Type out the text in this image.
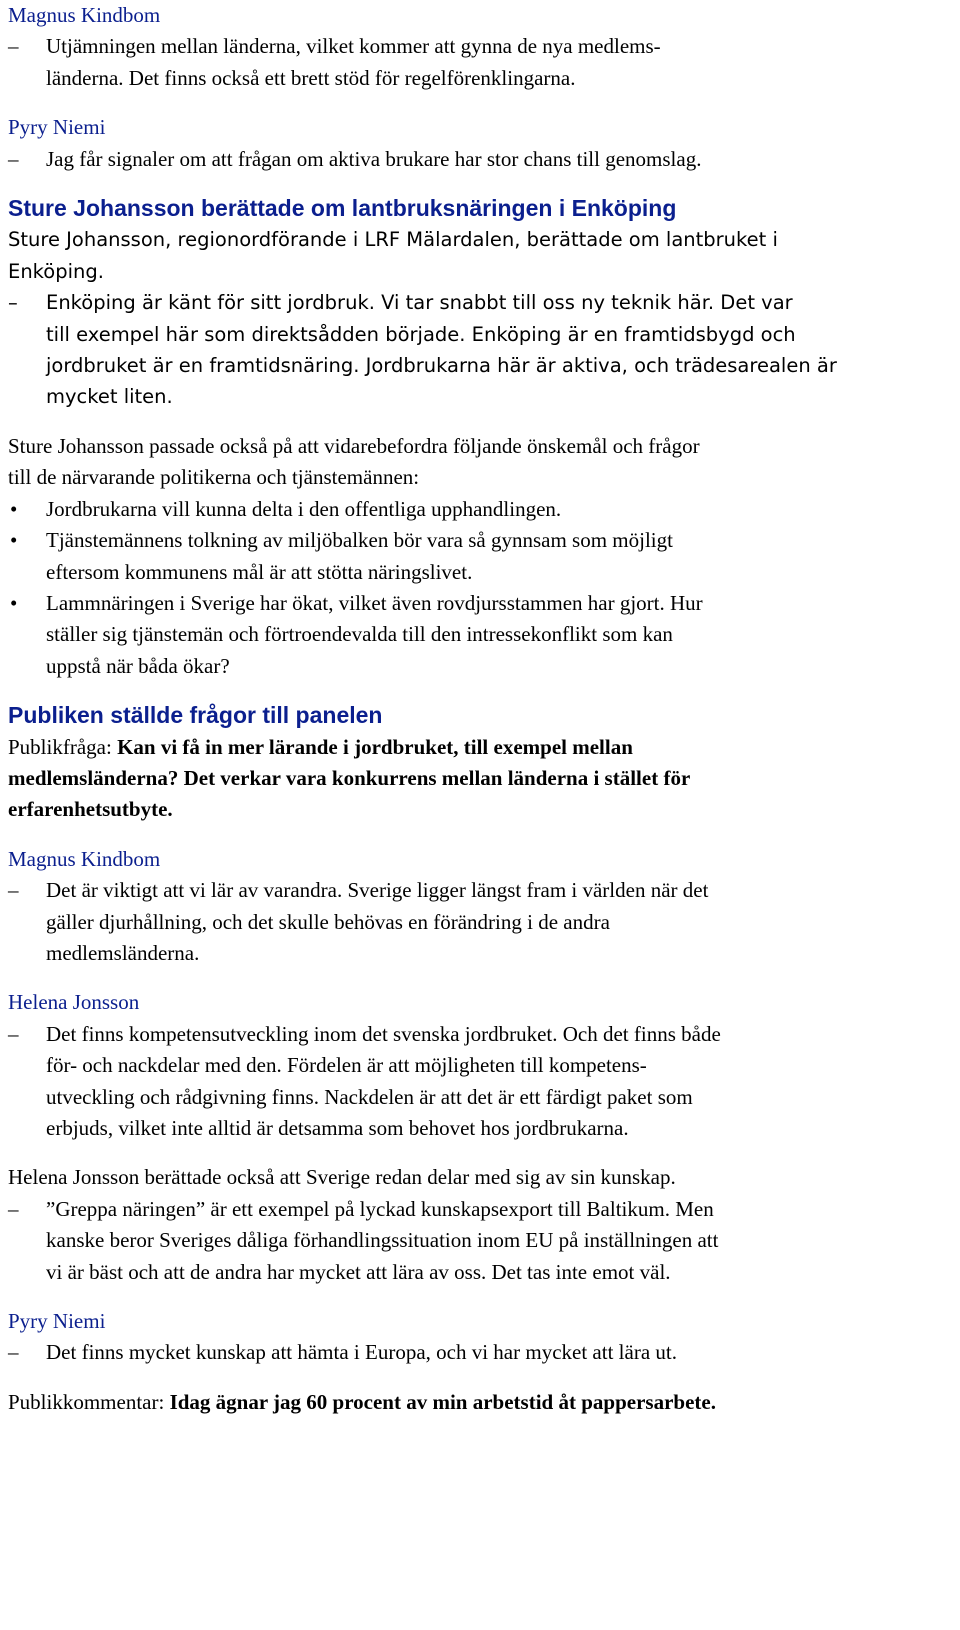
Magnus Kindbom
–	Utjämningen mellan länderna, vilket kommer att gynna de nya medlems-
länderna. Det finns också ett brett stöd för regelförenklingarna.
Pyry Niemi
–	Jag får signaler om att frågan om aktiva brukare har stor chans till genomslag.
Sture Johansson berättade om lantbruksnäringen i Enköping
Sture Johansson, regionordförande i LRF Mälardalen, berättade om lantbruket i
Enköping.
–	Enköping är känt för sitt jordbruk. Vi tar snabbt till oss ny teknik här. Det var
till exempel här som direktsådden började. Enköping är en framtidsbygd och
jordbruket är en framtidsnäring. Jordbrukarna här är aktiva, och trädesarealen är
mycket liten.
Sture Johansson passade också på att vidarebefordra följande önskemål och frågor
till de närvarande politikerna och tjänstemännen:
• Jordbrukarna vill kunna delta i den offentliga upphandlingen.
• Tjänstemännens tolkning av miljöbalken bör vara så gynnsam som möjligt
eftersom kommunens mål är att stötta näringslivet.
• Lammnäringen i Sverige har ökat, vilket även rovdjursstammen har gjort. Hur
ställer sig tjänstemän och förtroendevalda till den intressekonflikt som kan
uppstå när båda ökar?
Publiken ställde frågor till panelen
Publikfråga: Kan vi få in mer lärande i jordbruket, till exempel mellan
medlemsländerna? Det verkar vara konkurrens mellan länderna i stället för
erfarenhetsutbyte.
Magnus Kindbom
–	Det är viktigt att vi lär av varandra. Sverige ligger längst fram i världen när det
gäller djurhållning, och det skulle behövas en förändring i de andra
medlemsländerna.
Helena Jonsson
–	Det finns kompetensutveckling inom det svenska jordbruket. Och det finns både
för- och nackdelar med den. Fördelen är att möjligheten till kompetens-
utveckling och rådgivning finns. Nackdelen är att det är ett färdigt paket som
erbjuds, vilket inte alltid är detsamma som behovet hos jordbrukarna.
Helena Jonsson berättade också att Sverige redan delar med sig av sin kunskap.
–	”Greppa näringen” är ett exempel på lyckad kunskapsexport till Baltikum. Men
kanske beror Sveriges dåliga förhandlingssituation inom EU på inställningen att
vi är bäst och att de andra har mycket att lära av oss. Det tas inte emot väl.
Pyry Niemi
–	Det finns mycket kunskap att hämta i Europa, och vi har mycket att lära ut.
Publikkommentar: Idag ägnar jag 60 procent av min arbetstid åt pappersarbete.
